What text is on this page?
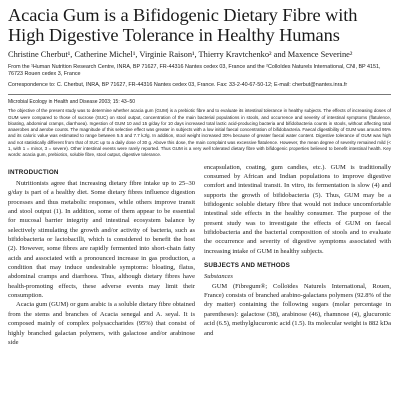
Acacia Gum is a Bifidogenic Dietary Fibre with High Digestive Tolerance in Healthy Humans
Christine Cherbut¹, Catherine Michel¹, Virginie Raison¹, Thierry Kravtchenko² and Maxence Severine²
From the ¹Human Nutrition Research Centre, INRA, BP 71627, FR-44316 Nantes cedex 03, France and the ²Colloïdes Naturels International, CNI, BP 4151, 76723 Rouen cedex 3, France
Correspondence to: C. Cherbut, INRA, BP 71627, FR-44316 Nantes cedex 03, France. Fax: 33-2-40-67-50-12; E-mail: cherbut@nantes.inra.fr
Microbial Ecology in Health and Disease 2003; 15: 43–50

The objective of the present study was to determine whether acacia gum (GUM) is a prebiotic fibre and to evaluate its intestinal tolerance in healthy subjects. The effects of increasing doses of GUM were compared to those of sucrose (SUC) on stool output, concentration of the main bacterial populations in stools, and occurrence and severity of intestinal symptoms (flatulence, bloating, abdominal cramps, diarrhoea). Ingestion of GUM 10 and 15 g/day for 10 days increased total lactic acid-producing bacteria and bifidobacteria counts in stools, without affecting total anaerobes and aerobe counts. The magnitude of this selective effect was greater in subjects with a low initial faecal concentration of bifidobacteria. Faecal digestibility of GUM was around 95% and its caloric value was estimated to range between 5.5 and 7.7 kJ/g. In addition, stool weight increased 30% because of greater faecal water content. Digestive tolerance of GUM was high and not statistically different from that of SUC up to a daily dose of 30 g. Above this dose, the main complaint was excessive flatulence. However, the mean degree of severity remained mild (< 1, with 1 = minor, 3 = severe). Other intestinal events were rarely reported. Thus GUM is a very well tolerated dietary fibre with bifidogenic properties believed to benefit intestinal health. Key words: acacia gum, prebiotics, soluble fibre, stool output, digestive tolerance.

INTRODUCTION

Nutritionists agree that increasing dietary fibre intake up to 25–30 g/day is part of a healthy diet. Some dietary fibres influence digestion processes and thus metabolic responses, while others improve transit and stool output (1). In addition, some of them appear to be essential for mucosal barrier integrity and intestinal ecosystem balance by selectively stimulating the growth and/or activity of bacteria, such as bifidobacteria or lactobacilli, which is considered to benefit the host (2). However, some fibres are rapidly fermented into short-chain fatty acids and associated with a pronounced increase in gas production, a condition that may induce undesirable symptoms: bloating, flatus, abdominal cramps and diarrhoea. Thus, although dietary fibres have health-promoting effects, these adverse events may limit their consumption.

Acacia gum (GUM) or gum arabic is a soluble dietary fibre obtained from the stems and branches of Acacia senegal and A. seyal. It is composed mainly of complex polysaccharides (95%) that consist of highly branched galactan polymers, with galactose and/or arabinose side

encapsulation, coating, gum candies, etc.). GUM is traditionally consumed by African and Indian populations to improve digestive comfort and intestinal transit. In vitro, its fermentation is slow (4) and supports the growth of bifidobacteria (5). Thus, GUM may be a bifidogenic soluble dietary fibre that would not induce uncomfortable intestinal side effects in the healthy consumer. The purpose of the present study was to investigate the effects of GUM on faecal bifidobacteria and the bacterial composition of stools and to evaluate the occurrence and severity of digestive symptoms associated with increasing intake of GUM in healthy subjects.

SUBJECTS AND METHODS

Substances

GUM (Fibregum®; Colloïdes Naturels International, Rouen, France) consists of branched arabino-galactans polymers (92.8% of the dry matter) containing the following sugars (molar percentage in parentheses): galactose (38), arabinose (46), rhamnose (4), glucuronic acid (6.5), methylglucuronic acid (1.5). Its molecular weight is 882 kDa and
